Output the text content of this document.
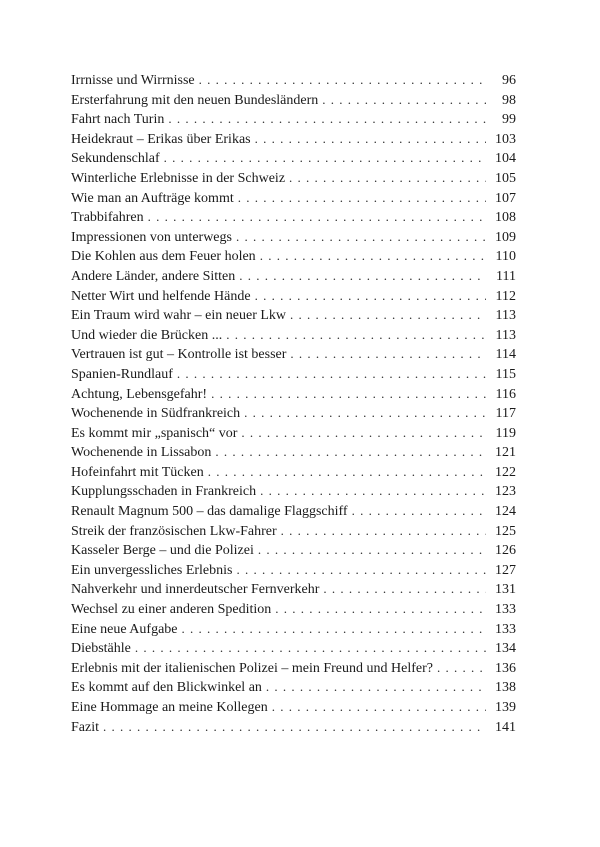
Irrnisse und Wirrnisse . . .	96
Ersterfahrung mit den neuen Bundesländern . . .	98
Fahrt nach Turin . . .	99
Heidekraut – Erikas über Erikas . . .	103
Sekundenschlaf . . .	104
Winterliche Erlebnisse in der Schweiz . . .	105
Wie man an Aufträge kommt . . .	107
Trabbifahren . . .	108
Impressionen von unterwegs . . .	109
Die Kohlen aus dem Feuer holen . . .	110
Andere Länder, andere Sitten . . .	111
Netter Wirt und helfende Hände . . .	112
Ein Traum wird wahr – ein neuer Lkw . . .	113
Und wieder die Brücken ... . . .	113
Vertrauen ist gut – Kontrolle ist besser . . .	114
Spanien-Rundlauf . . .	115
Achtung, Lebensgefahr! . . .	116
Wochenende in Südfrankreich . . .	117
Es kommt mir „spanisch“ vor . . .	119
Wochenende in Lissabon . . .	121
Hofeinfahrt mit Tücken . . .	122
Kupplungsschaden in Frankreich . . .	123
Renault Magnum 500 – das damalige Flaggschiff . . .	124
Streik der französischen Lkw-Fahrer . . .	125
Kasseler Berge – und die Polizei . . .	126
Ein unvergessliches Erlebnis . . .	127
Nahverkehr und innerdeutscher Fernverkehr . . .	131
Wechsel zu einer anderen Spedition . . .	133
Eine neue Aufgabe . . .	133
Diebstähle . . .	134
Erlebnis mit der italienischen Polizei – mein Freund und Helfer? . . .	136
Es kommt auf den Blickwinkel an . . .	138
Eine Hommage an meine Kollegen . . .	139
Fazit . . .	141
